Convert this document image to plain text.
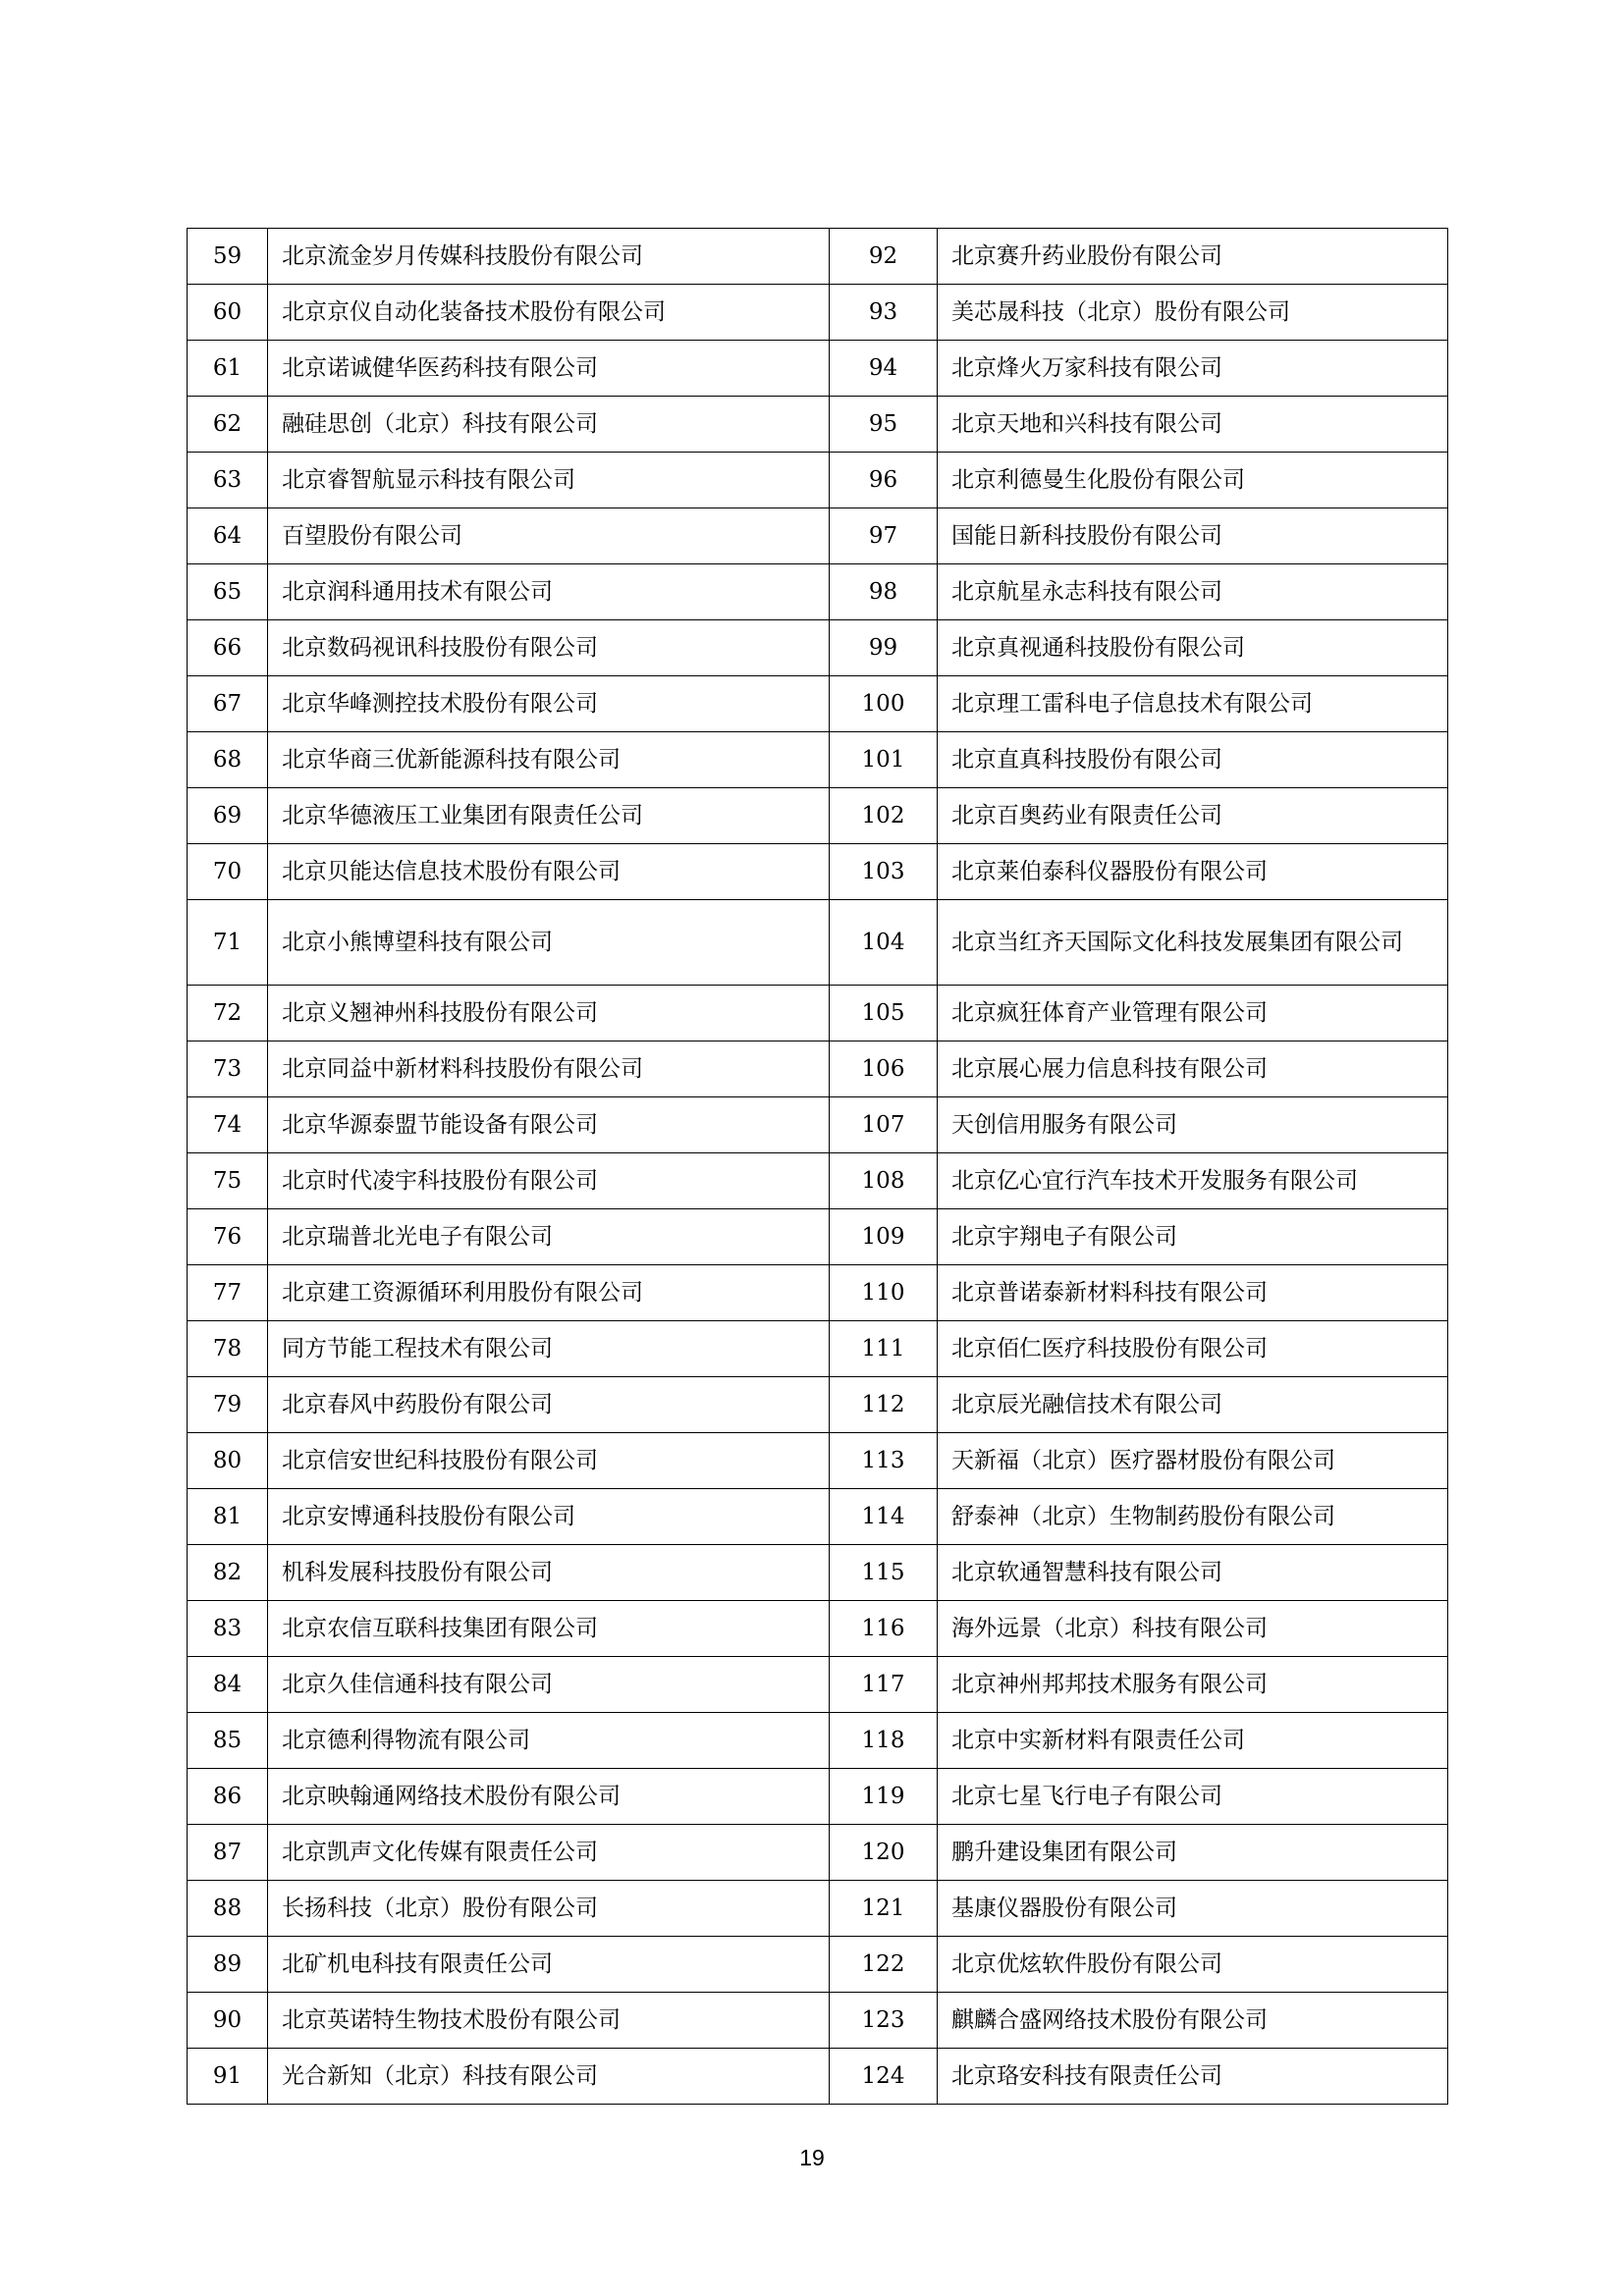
59	北京流金岁月传媒科技股份有限公司	92	北京赛升药业股份有限公司
60	北京京仪自动化装备技术股份有限公司	93	美芯晟科技（北京）股份有限公司
61	北京诺诚健华医药科技有限公司	94	北京烽火万家科技有限公司
62	融硅思创（北京）科技有限公司	95	北京天地和兴科技有限公司
63	北京睿智航显示科技有限公司	96	北京利德曼生化股份有限公司
64	百望股份有限公司	97	国能日新科技股份有限公司
65	北京润科通用技术有限公司	98	北京航星永志科技有限公司
66	北京数码视讯科技股份有限公司	99	北京真视通科技股份有限公司
67	北京华峰测控技术股份有限公司	100	北京理工雷科电子信息技术有限公司
68	北京华商三优新能源科技有限公司	101	北京直真科技股份有限公司
69	北京华德液压工业集团有限责任公司	102	北京百奥药业有限责任公司
70	北京贝能达信息技术股份有限公司	103	北京莱伯泰科仪器股份有限公司
71	北京小熊博望科技有限公司	104	北京当红齐天国际文化科技发展集团有限公司
72	北京义翘神州科技股份有限公司	105	北京疯狂体育产业管理有限公司
73	北京同益中新材料科技股份有限公司	106	北京展心展力信息科技有限公司
74	北京华源泰盟节能设备有限公司	107	天创信用服务有限公司
75	北京时代凌宇科技股份有限公司	108	北京亿心宜行汽车技术开发服务有限公司
76	北京瑞普北光电子有限公司	109	北京宇翔电子有限公司
77	北京建工资源循环利用股份有限公司	110	北京普诺泰新材料科技有限公司
78	同方节能工程技术有限公司	111	北京佰仁医疗科技股份有限公司
79	北京春风中药股份有限公司	112	北京辰光融信技术有限公司
80	北京信安世纪科技股份有限公司	113	天新福（北京）医疗器材股份有限公司
81	北京安博通科技股份有限公司	114	舒泰神（北京）生物制药股份有限公司
82	机科发展科技股份有限公司	115	北京软通智慧科技有限公司
83	北京农信互联科技集团有限公司	116	海外远景（北京）科技有限公司
84	北京久佳信通科技有限公司	117	北京神州邦邦技术服务有限公司
85	北京德利得物流有限公司	118	北京中实新材料有限责任公司
86	北京映翰通网络技术股份有限公司	119	北京七星飞行电子有限公司
87	北京凯声文化传媒有限责任公司	120	鹏升建设集团有限公司
88	长扬科技（北京）股份有限公司	121	基康仪器股份有限公司
89	北矿机电科技有限责任公司	122	北京优炫软件股份有限公司
90	北京英诺特生物技术股份有限公司	123	麒麟合盛网络技术股份有限公司
91	光合新知（北京）科技有限公司	124	北京珞安科技有限责任公司
19
